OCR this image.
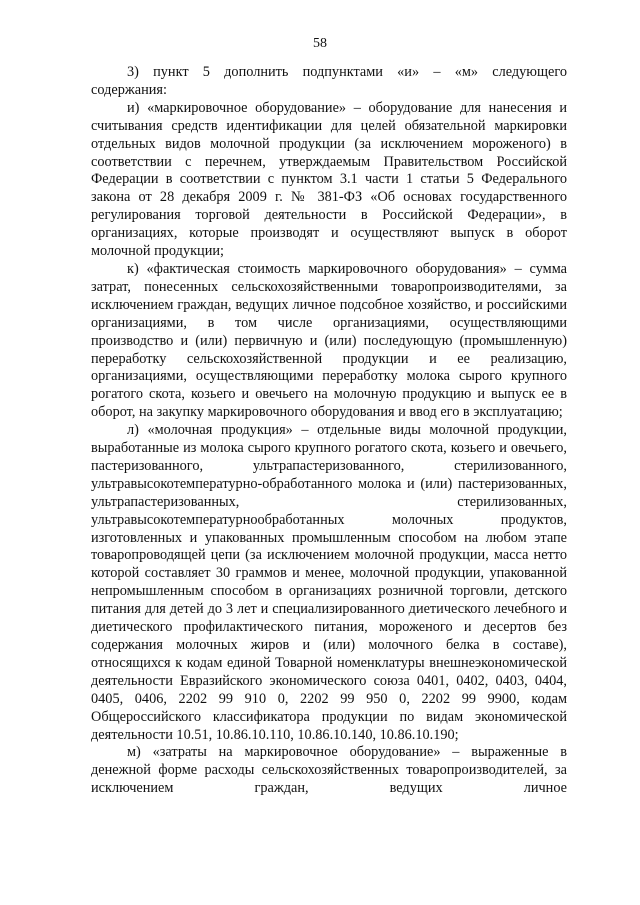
58

3) пункт 5 дополнить подпунктами «и» – «м» следующего

содержания:

и) «маркировочное оборудование» – оборудование для нанесения и считывания средств идентификации для целей обязательной маркировки отдельных видов молочной продукции (за исключением мороженого) в соответствии с перечнем, утверждаемым Правительством Российской Федерации в соответствии с пунктом 3.1 части 1 статьи 5 Федерального закона от 28 декабря 2009 г. № 381-ФЗ «Об основах государственного регулирования торговой деятельности в Российской Федерации», в организациях, которые производят и осуществляют выпуск в оборот молочной продукции;

к) «фактическая стоимость маркировочного оборудования» – сумма затрат, понесенных сельскохозяйственными товаропроизводителями, за исключением граждан, ведущих личное подсобное хозяйство, и российскими организациями, в том числе организациями, осуществляющими производство и (или) первичную и (или) последующую (промышленную) переработку сельскохозяйственной продукции и ее реализацию, организациями, осуществляющими переработку молока сырого крупного рогатого скота, козьего и овечьего на молочную продукцию и выпуск ее в оборот, на закупку маркировочного оборудования и ввод его в эксплуатацию;

л) «молочная продукция» – отдельные виды молочной продукции, выработанные из молока сырого крупного рогатого скота, козьего и овечьего, пастеризованного, ультрапастеризованного, стерилизованного, ультравысокотемпературно-обработанного молока и (или) пастеризованных, ультрапастеризованных, стерилизованных, ультравысокотемпературнообработанных молочных продуктов, изготовленных и упакованных промышленным способом на любом этапе товаропроводящей цепи (за исключением молочной продукции, масса нетто которой составляет 30 граммов и менее, молочной продукции, упакованной непромышленным способом в организациях розничной торговли, детского питания для детей до 3 лет и специализированного диетического лечебного и диетического профилактического питания, мороженого и десертов без содержания молочных жиров и (или) молочного белка в составе), относящихся к кодам единой Товарной номенклатуры внешнеэкономической деятельности Евразийского экономического союза 0401, 0402, 0403, 0404, 0405, 0406, 2202 99 910 0, 2202 99 950 0, 2202 99 9900, кодам Общероссийского классификатора продукции по видам экономической деятельности 10.51, 10.86.10.110, 10.86.10.140, 10.86.10.190;

м) «затраты на маркировочное оборудование» – выраженные в денежной форме расходы сельскохозяйственных товаропроизводителей, за исключением граждан, ведущих личное
